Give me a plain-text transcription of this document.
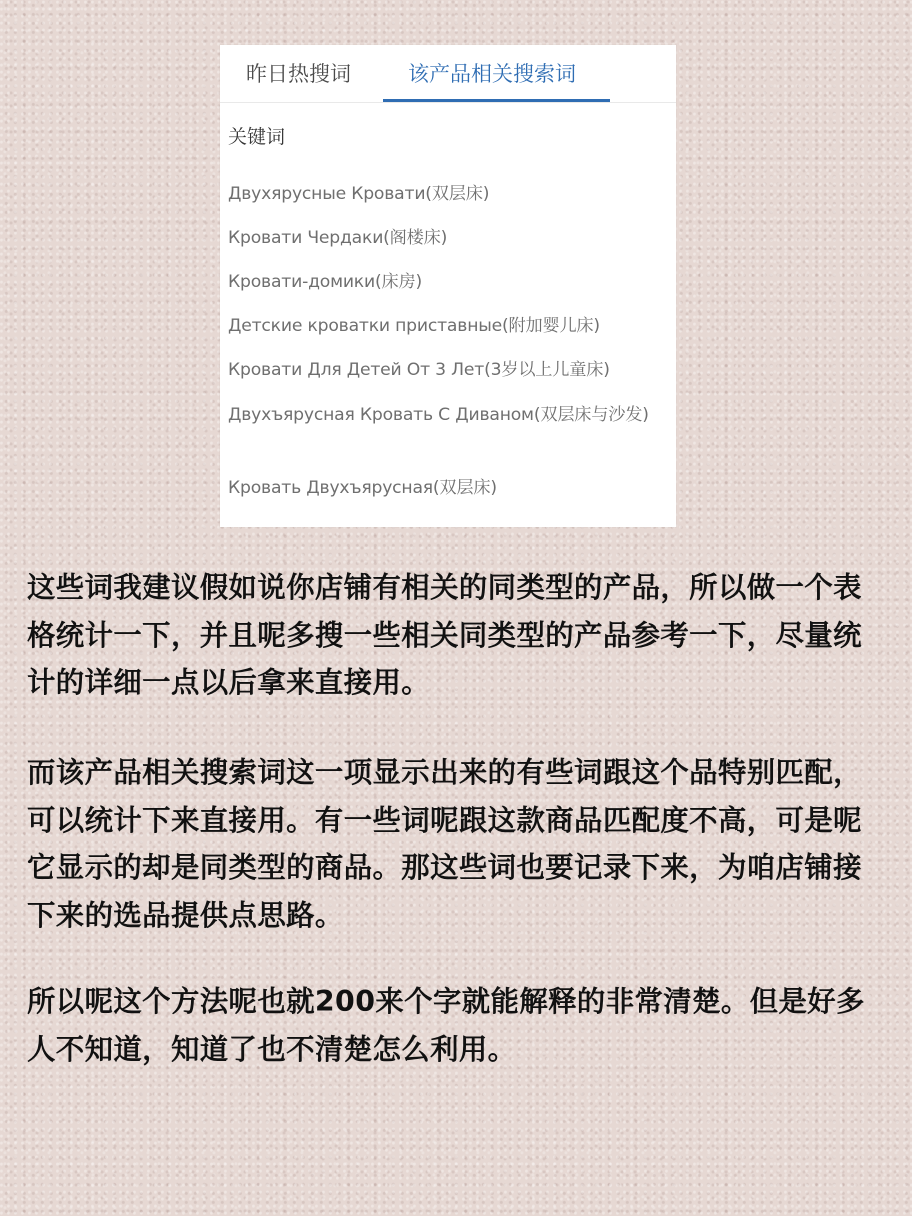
昨日热搜词	该产品相关搜索词
关键词
Двухярусные Кровати(双层床)
Кровати Чердаки(阁楼床)
Кровати-домики(床房)
Детские кроватки приставные(附加婴儿床)
Кровати Для Детей От 3 Лет(3岁以上儿童床)
Двухъярусная Кровать С Диваном(双层床与沙发)
Кровать Двухъярусная(双层床)
这些词我建议假如说你店铺有相关的同类型的产品，所以做一个表格统计一下，并且呢多搜一些相关同类型的产品参考一下，尽量统计的详细一点以后拿来直接用。
而该产品相关搜索词这一项显示出来的有些词跟这个品特别匹配，可以统计下来直接用。有一些词呢跟这款商品匹配度不高，可是呢它显示的却是同类型的商品。那这些词也要记录下来，为咱店铺接下来的选品提供点思路。
所以呢这个方法呢也就200来个字就能解释的非常清楚。但是好多人不知道，知道了也不清楚怎么利用。
